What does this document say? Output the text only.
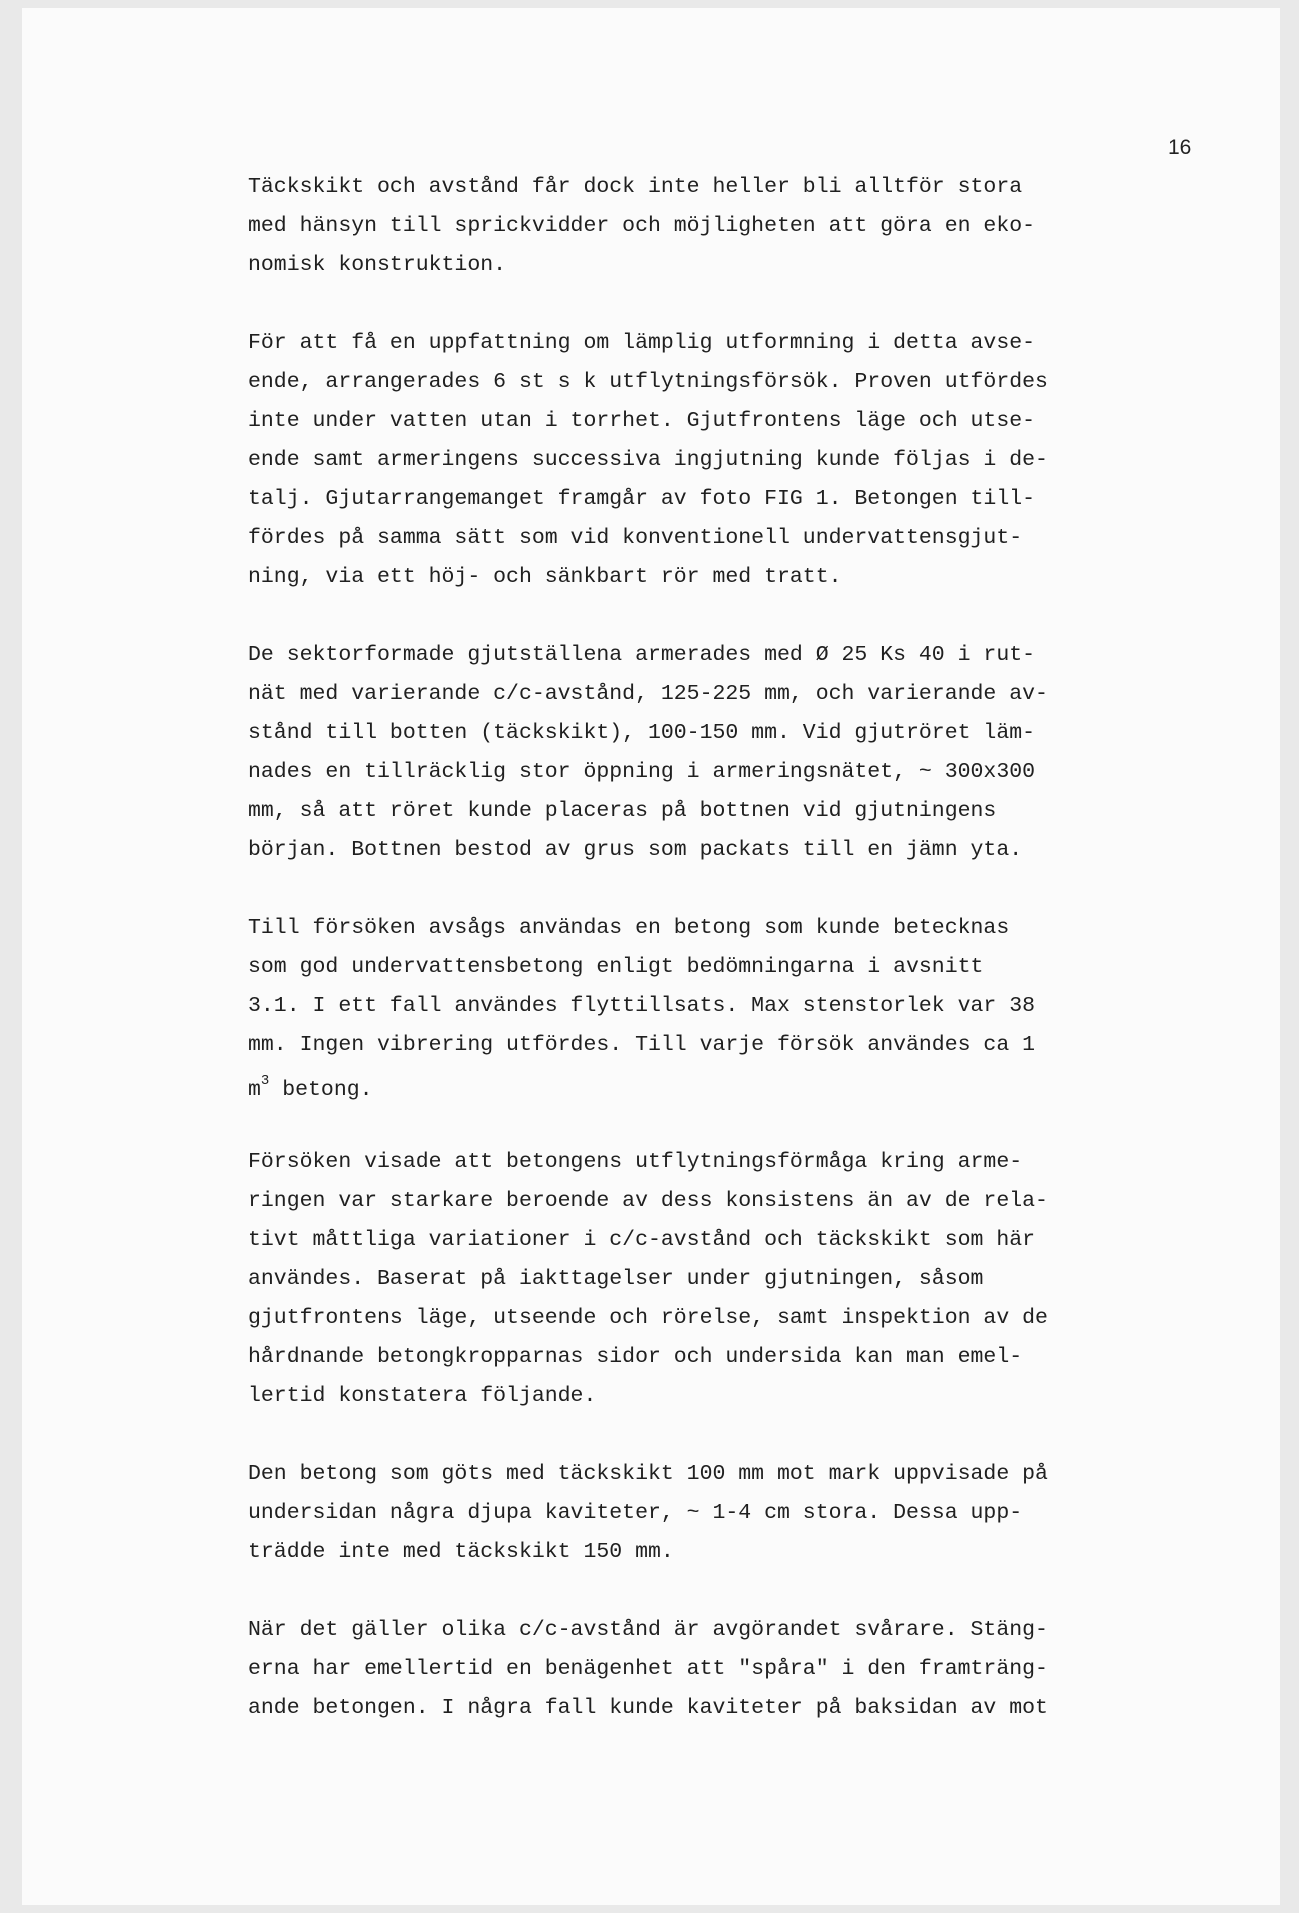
16
Täckskikt och avstånd får dock inte heller bli alltför stora
med hänsyn till sprickvidder och möjligheten att göra en eko-
nomisk konstruktion.
För att få en uppfattning om lämplig utformning i detta avse-
ende, arrangerades 6 st s k utflytningsförsök. Proven utfördes
inte under vatten utan i torrhet. Gjutfrontens läge och utse-
ende samt armeringens successiva ingjutning kunde följas i de-
talj. Gjutarrangemanget framgår av foto FIG 1. Betongen till-
fördes på samma sätt som vid konventionell undervattensgjut-
ning, via ett höj- och sänkbart rör med tratt.
De sektorformade gjutställena armerades med Ø 25 Ks 40 i rut-
nät med varierande c/c-avstånd, 125-225 mm, och varierande av-
stånd till botten (täckskikt), 100-150 mm. Vid gjutröret läm-
nades en tillräcklig stor öppning i armeringsnätet, ~ 300x300
mm, så att röret kunde placeras på bottnen vid gjutningens
början. Bottnen bestod av grus som packats till en jämn yta.
Till försöken avsågs användas en betong som kunde betecknas
som god undervattensbetong enligt bedömningarna i avsnitt
3.1. I ett fall användes flyttillsats. Max stenstorlek var 38
mm. Ingen vibrering utfördes. Till varje försök användes ca 1
$m^3$ betong.
Försöken visade att betongens utflytningsförmåga kring arme-
ringen var starkare beroende av dess konsistens än av de rela-
tivt måttliga variationer i c/c-avstånd och täckskikt som här
användes. Baserat på iakttagelser under gjutningen, såsom
gjutfrontens läge, utseende och rörelse, samt inspektion av de
hårdnande betongkropparnas sidor och undersida kan man emel-
lertid konstatera följande.
Den betong som göts med täckskikt 100 mm mot mark uppvisade på
undersidan några djupa kaviteter, ~ 1-4 cm stora. Dessa upp-
trädde inte med täckskikt 150 mm.
När det gäller olika c/c-avstånd är avgörandet svårare. Stäng-
erna har emellertid en benägenhet att "spåra" i den framträng-
ande betongen. I några fall kunde kaviteter på baksidan av mot
